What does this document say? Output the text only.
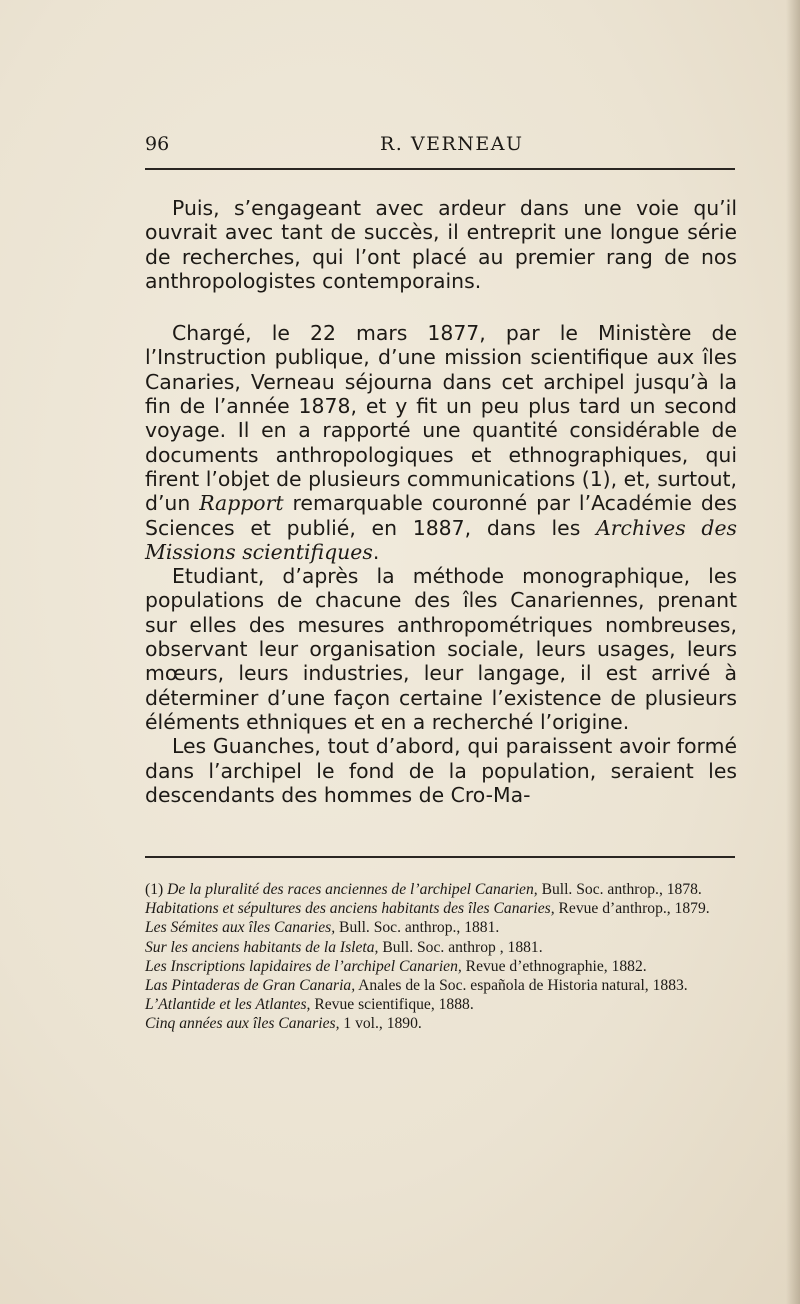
96	R. VERNEAU

Puis, s’engageant avec ardeur dans une voie qu’il ouvrait avec tant de succès, il entreprit une longue série de recherches, qui l’ont placé au premier rang de nos anthropologistes contemporains.

Chargé, le 22 mars 1877, par le Ministère de l’Instruction publique, d’une mission scientifique aux îles Canaries, Verneau séjourna dans cet archipel jusqu’à la fin de l’année 1878, et y fit un peu plus tard un second voyage. Il en a rapporté une quantité considérable de documents anthropologiques et ethnographiques, qui firent l’objet de plusieurs communications (1), et, surtout, d’un Rapport remarquable couronné par l’Académie des Sciences et publié, en 1887, dans les Archives des Missions scientifiques.

Etudiant, d’après la méthode monographique, les populations de chacune des îles Canariennes, prenant sur elles des mesures anthropométriques nombreuses, observant leur organisation sociale, leurs usages, leurs mœurs, leurs industries, leur langage, il est arrivé à déterminer d’une façon certaine l’existence de plusieurs éléments ethniques et en a recherché l’origine.

Les Guanches, tout d’abord, qui paraissent avoir formé dans l’archipel le fond de la population, seraient les descendants des hommes de Cro-Ma-

(1) De la pluralité des races anciennes de l’archipel Canarien, Bull. Soc. anthrop., 1878.

Habitations et sépultures des anciens habitants des îles Canaries, Revue d’anthrop., 1879.

Les Sémites aux îles Canaries, Bull. Soc. anthrop., 1881.

Sur les anciens habitants de la Isleta, Bull. Soc. anthrop , 1881.

Les Inscriptions lapidaires de l’archipel Canarien, Revue d’ethnographie, 1882.

Las Pintaderas de Gran Canaria, Anales de la Soc. española de Historia natural, 1883.

L’Atlantide et les Atlantes, Revue scientifique, 1888.

Cinq années aux îles Canaries, 1 vol., 1890.
